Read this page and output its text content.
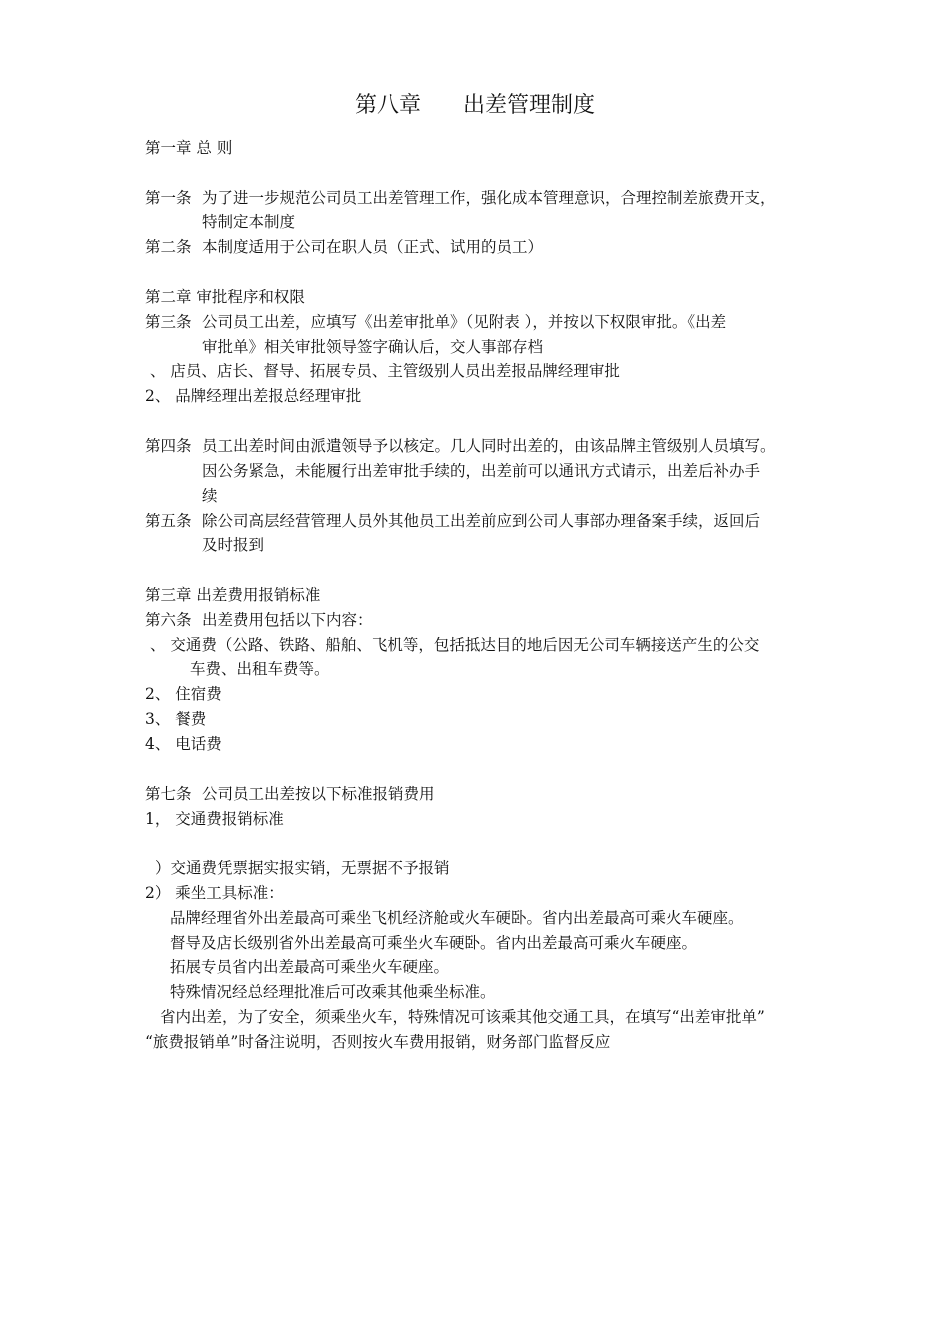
第八章      出差管理制度
第一章 总 则
第一条 为了进一步规范公司员工出差管理工作，强化成本管理意识，合理控制差旅费开支，
特制定本制度
第二条 本制度适用于公司在职人员（正式、试用的员工）
第二章 审批程序和权限
第三条 公司员工出差，应填写《出差审批单》（见附表 ），并按以下权限审批。《出差
审批单》相关审批领导签字确认后，交人事部存档
、 店员、店长、督导、拓展专员、主管级别人员出差报品牌经理审批
2、 品牌经理出差报总经理审批
第四条 员工出差时间由派遣领导予以核定。几人同时出差的，由该品牌主管级别人员填写。
因公务紧急，未能履行出差审批手续的，出差前可以通讯方式请示，出差后补办手
续
第五条 除公司高层经营管理人员外其他员工出差前应到公司人事部办理备案手续，返回后
及时报到
第三章 出差费用报销标准
第六条 出差费用包括以下内容：
、 交通费（公路、铁路、船舶、飞机等，包括抵达目的地后因无公司车辆接送产生的公交
车费、出租车费等。
2、 住宿费
3、 餐费
4、 电话费
第七条 公司员工出差按以下标准报销费用
1， 交通费报销标准
）交通费凭票据实报实销，无票据不予报销
2） 乘坐工具标准：
品牌经理省外出差最高可乘坐飞机经济舱或火车硬卧。省内出差最高可乘火车硬座。
督导及店长级别省外出差最高可乘坐火车硬卧。省内出差最高可乘火车硬座。
拓展专员省内出差最高可乘坐火车硬座。
特殊情况经总经理批准后可改乘其他乘坐标准。
省内出差，为了安全，须乘坐火车，特殊情况可该乘其他交通工具，在填写“出差审批单”
“旅费报销单”时备注说明，否则按火车费用报销，财务部门监督反应
